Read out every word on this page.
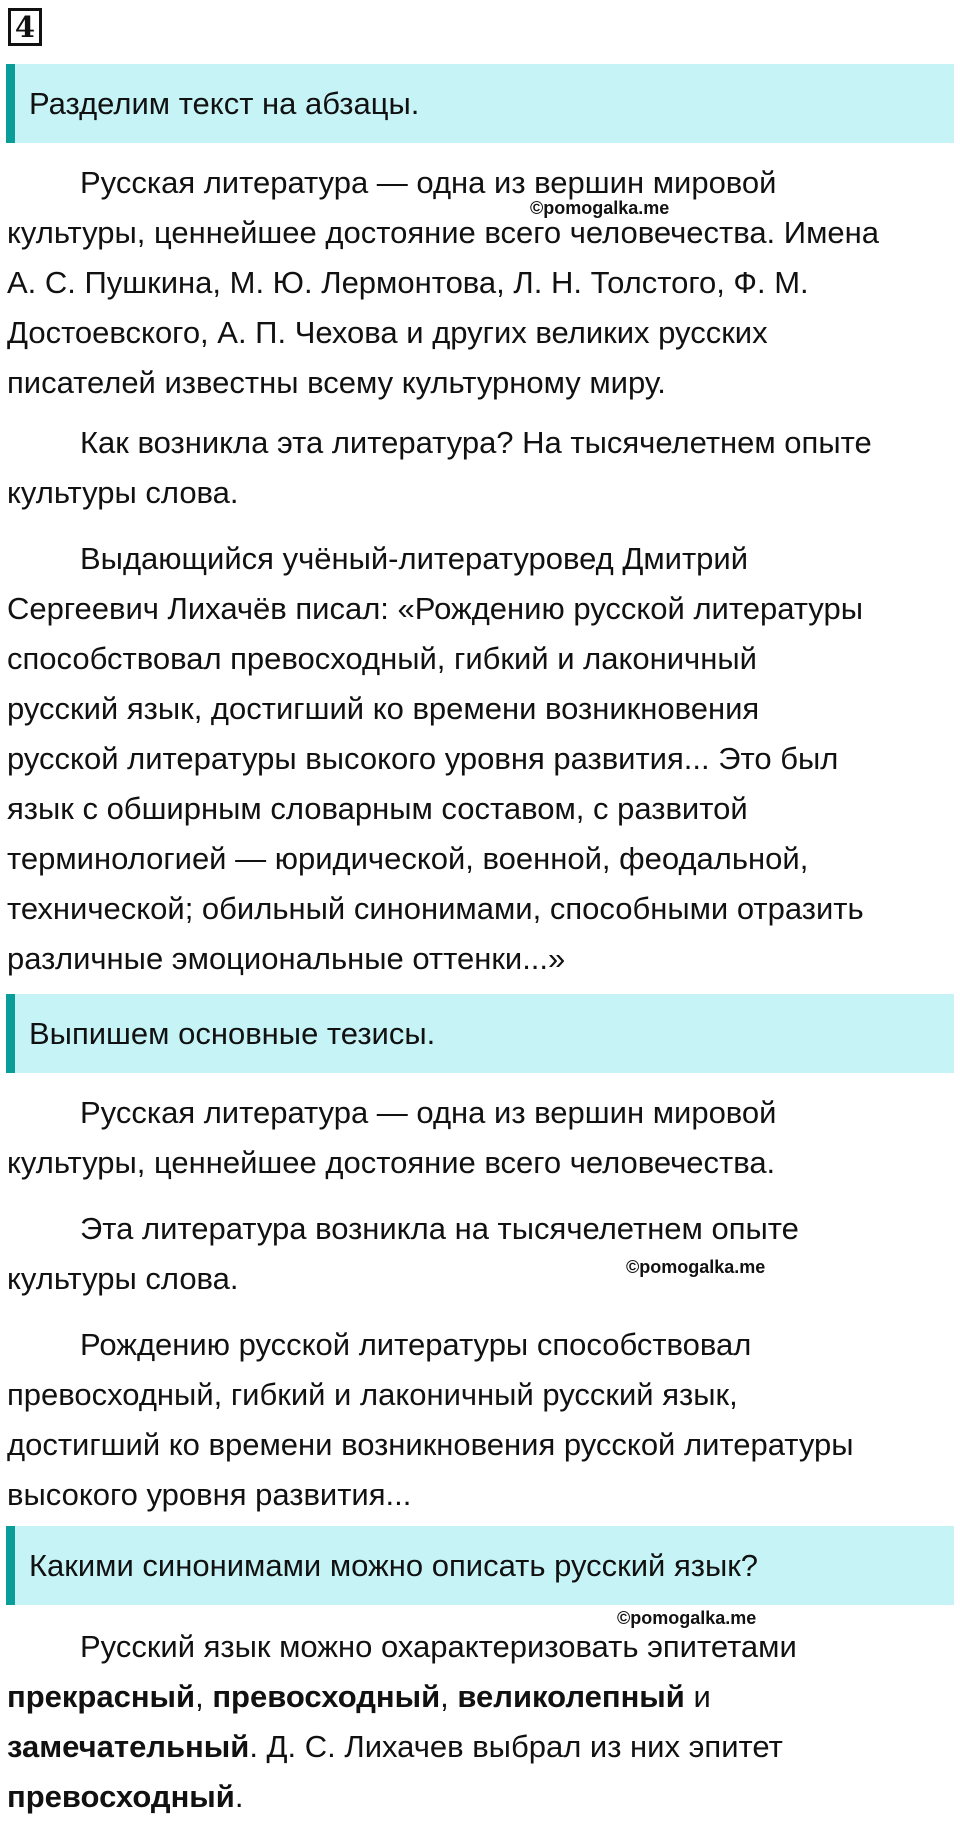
4
Разделим текст на абзацы.

Русская литература — одна из вершин мировой
культуры, ценнейшее достояние всего человечества. Имена
А. С. Пушкина, М. Ю. Лермонтова, Л. Н. Толстого, Ф. М.
Достоевского, А. П. Чехова и других великих русских
писателей известны всему культурному миру.

©pomogalka.me

Как возникла эта литература? На тысячелетнем опыте
культуры слова.

Выдающийся учёный-литературовед Дмитрий
Сергеевич Лихачёв писал: «Рождению русской литературы
способствовал превосходный, гибкий и лаконичный
русский язык, достигший ко времени возникновения
русской литературы высокого уровня развития... Это был
язык с обширным словарным составом, с развитой
терминологией — юридической, военной, феодальной,
технической; обильный синонимами, способными отразить
различные эмоциональные оттенки...»

Выпишем основные тезисы.

Русская литература — одна из вершин мировой
культуры, ценнейшее достояние всего человечества.

Эта литература возникла на тысячелетнем опыте
культуры слова.	©pomogalka.me

Рождению русской литературы способствовал
превосходный, гибкий и лаконичный русский язык,
достигший ко времени возникновения русской литературы
высокого уровня развития...

Какими синонимами можно описать русский язык?
©pomogalka.me

Русский язык можно охарактеризовать эпитетами
прекрасный, превосходный, великолепный и
замечательный. Д. С. Лихачев выбрал из них эпитет
превосходный.
